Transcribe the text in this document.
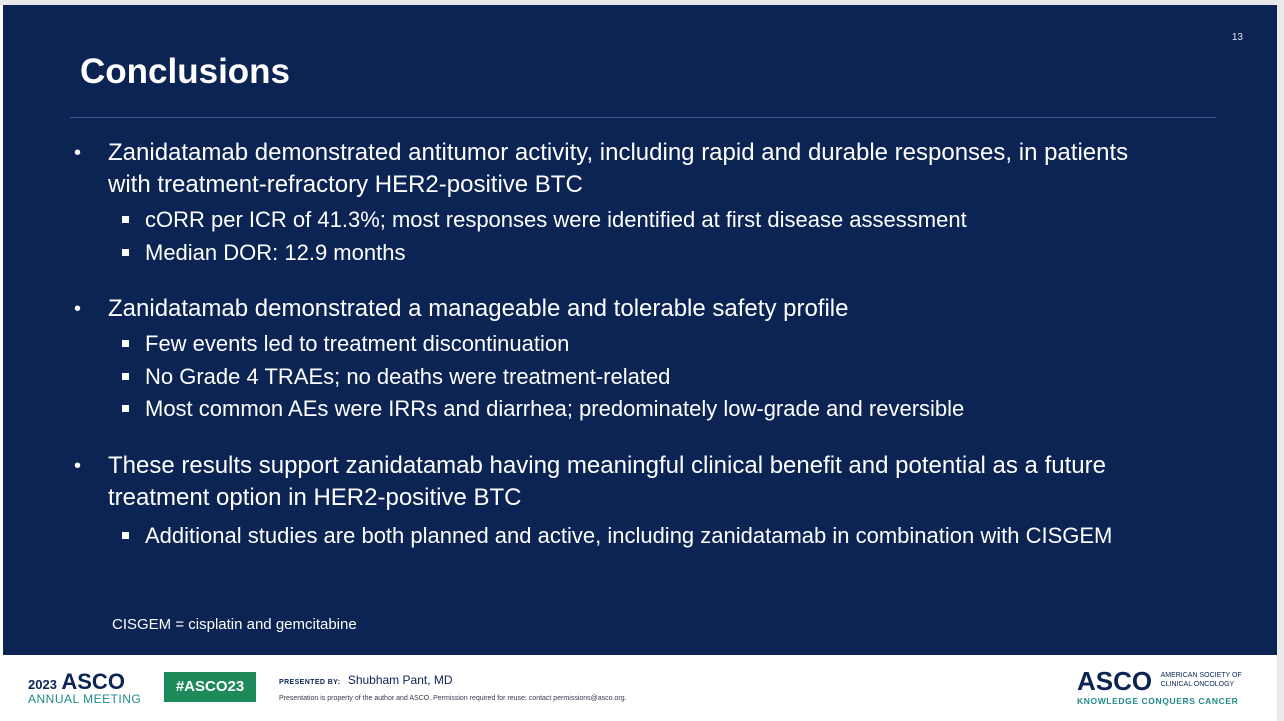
13
Conclusions
• Zanidatamab demonstrated antitumor activity, including rapid and durable responses, in patients with treatment-refractory HER2-positive BTC
cORR per ICR of 41.3%; most responses were identified at first disease assessment
Median DOR: 12.9 months
• Zanidatamab demonstrated a manageable and tolerable safety profile
Few events led to treatment discontinuation
No Grade 4 TRAEs; no deaths were treatment-related
Most common AEs were IRRs and diarrhea; predominately low-grade and reversible
• These results support zanidatamab having meaningful clinical benefit and potential as a future treatment option in HER2-positive BTC
Additional studies are both planned and active, including zanidatamab in combination with CISGEM
CISGEM = cisplatin and gemcitabine
2023 ASCO
ANNUAL MEETING
#ASCO23	PRESENTED BY: Shubham Pant, MD
Presentation is property of the author and ASCO. Permission required for reuse; contact permissions@asco.org.
ASCO AMERICAN SOCIETY OF
CLINICAL ONCOLOGY
KNOWLEDGE CONQUERS CANCER
